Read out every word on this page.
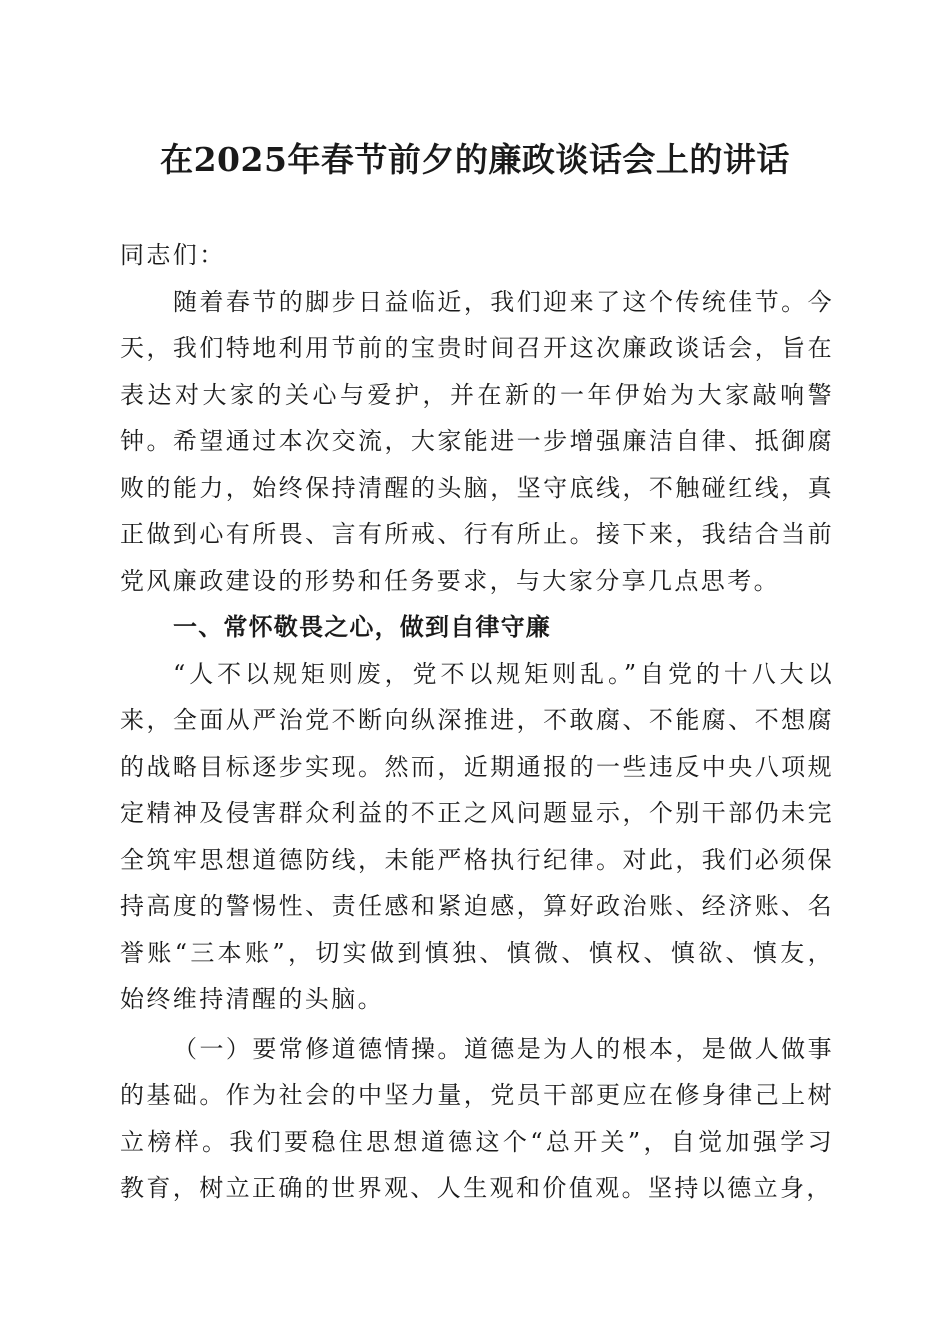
在2025年春节前夕的廉政谈话会上的讲话

同志们：

随着春节的脚步日益临近，我们迎来了这个传统佳节。今天，我们特地利用节前的宝贵时间召开这次廉政谈话会，旨在表达对大家的关心与爱护，并在新的一年伊始为大家敲响警钟。希望通过本次交流，大家能进一步增强廉洁自律、抵御腐败的能力，始终保持清醒的头脑，坚守底线，不触碰红线，真正做到心有所畏、言有所戒、行有所止。接下来，我结合当前党风廉政建设的形势和任务要求，与大家分享几点思考。

一、常怀敬畏之心，做到自律守廉

“人不以规矩则废，党不以规矩则乱。”自党的十八大以来，全面从严治党不断向纵深推进，不敢腐、不能腐、不想腐的战略目标逐步实现。然而，近期通报的一些违反中央八项规定精神及侵害群众利益的不正之风问题显示，个别干部仍未完全筑牢思想道德防线，未能严格执行纪律。对此，我们必须保持高度的警惕性、责任感和紧迫感，算好政治账、经济账、名誉账“三本账”，切实做到慎独、慎微、慎权、慎欲、慎友，始终维持清醒的头脑。

（一）要常修道德情操。道德是为人的根本，是做人做事的基础。作为社会的中坚力量，党员干部更应在修身律己上树立榜样。我们要稳住思想道德这个“总开关”，自觉加强学习教育，树立正确的世界观、人生观和价值观。坚持以德立身，
